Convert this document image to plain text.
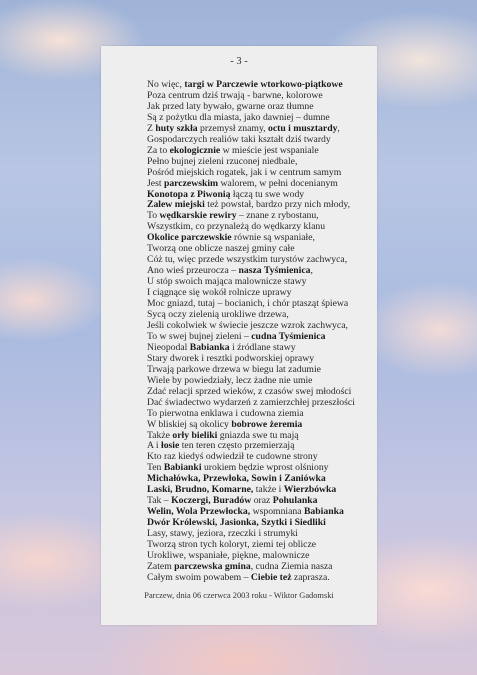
- 3 -
No więc, targi w Parczewie wtorkowo-piątkowe
Poza centrum dziś trwają - barwne, kolorowe
Jak przed laty bywało, gwarne oraz tłumne
Są z pożytku dla miasta, jako dawniej – dumne
Z huty szkła przemysł znamy, octu i musztardy,
Gospodarczych realiów taki kształt dziś twardy
Za to ekologicznie w mieście jest wspaniale
Pełno bujnej zieleni rzuconej niedbale,
Pośród miejskich rogatek, jak i w centrum samym
Jest parczewskim walorem, w pełni docenianym
Konotopa z Piwonią łączą tu swe wody
Zalew miejski też powstał, bardzo przy nich młody,
To wędkarskie rewiry – znane z rybostanu,
Wszystkim, co przynależą do wędkarzy klanu
Okolice parczewskie równie są wspaniałe,
Tworzą one oblicze naszej gminy całe
Cóż tu, więc przede wszystkim turystów zachwyca,
Ano wieś przeurocza – nasza Tyśmienica,
U stóp swoich mająca malownicze stawy
I ciągnące się wokół rolnicze uprawy
Moc gniazd, tutaj – bocianich, i chór ptasząt śpiewa
Sycą oczy zielenią urokliwe drzewa,
Jeśli cokolwiek w świecie jeszcze wzrok zachwyca,
To w swej bujnej zieleni – cudna Tyśmienica
Nieopodal Babianka i źródlane stawy
Stary dworek i resztki podworskiej oprawy
Trwają parkowe drzewa w biegu lat zadumie
Wiele by powiedziały, lecz żadne nie umie
Zdać relacji sprzed wieków, z czasów swej młodości
Dać świadectwo wydarzeń z zamierzchłej przeszłości
To pierwotna enklawa i cudowna ziemia
W bliskiej są okolicy bobrowe żeremia
Także orły bieliki gniazda swe tu mają
A i łosie ten teren często przemierzają
Kto raz kiedyś odwiedził te cudowne strony
Ten Babianki urokiem będzie wprost olśniony
Michałówka, Przewłoka, Sowin i Zaniówka
Laski, Brudno, Komarne, także i Wierzbówka
Tak – Koczergi, Buradów oraz Pohulanka
Welin, Wola Przewłocka, wspomniana Babianka
Dwór Królewski, Jasionka, Szytki i Siedliki
Lasy, stawy, jeziora, rzeczki i strumyki
Tworzą stron tych koloryt, ziemi tej oblicze
Urokliwe, wspaniałe, piękne, malownicze
Zatem parczewska gmina, cudna Ziemia nasza
Całym swoim powabem – Ciebie też zaprasza.
Parczew, dnia 06 czerwca 2003 roku - Wiktor Gadomski
